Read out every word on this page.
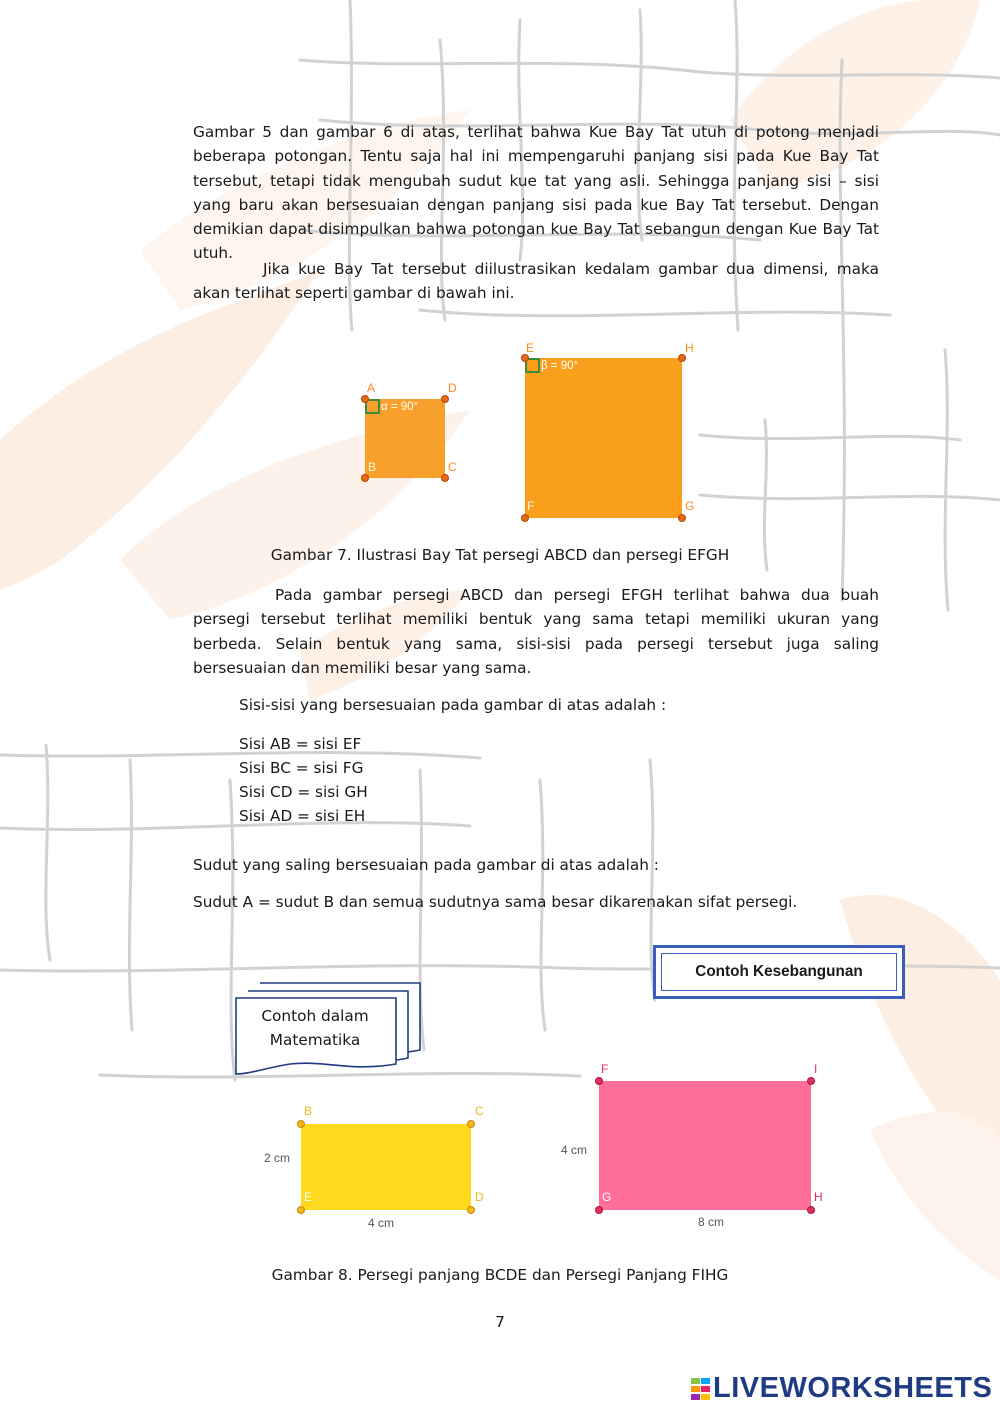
Gambar 5 dan gambar 6 di atas, terlihat bahwa Kue Bay Tat utuh di potong menjadi beberapa potongan. Tentu saja hal ini mempengaruhi panjang sisi pada Kue Bay Tat tersebut, tetapi tidak mengubah sudut kue tat yang asli. Sehingga panjang sisi – sisi yang baru akan bersesuaian dengan panjang sisi pada kue Bay Tat tersebut. Dengan demikian dapat disimpulkan bahwa potongan kue Bay Tat sebangun dengan Kue Bay Tat utuh.

Jika kue Bay Tat tersebut diilustrasikan kedalam gambar dua dimensi, maka akan terlihat seperti gambar di bawah ini.

A	D
B	C
α = 90°
E	H
F	G
β = 90°

Gambar 7. Ilustrasi Bay Tat persegi ABCD dan persegi EFGH

Pada gambar persegi ABCD dan persegi EFGH terlihat bahwa dua buah persegi tersebut terlihat memiliki bentuk yang sama tetapi memiliki ukuran yang berbeda. Selain bentuk yang sama, sisi-sisi pada persegi tersebut juga saling bersesuaian dan memiliki besar yang sama.

Sisi-sisi yang bersesuaian pada gambar di atas adalah :

Sisi AB = sisi EF

Sisi BC = sisi FG

Sisi CD = sisi GH

Sisi AD = sisi EH

Sudut yang saling bersesuaian pada gambar di atas adalah :

Sudut A = sudut B dan semua sudutnya sama besar dikarenakan sifat persegi.

Contoh Kesebangunan

Contoh dalam
Matematika

B	C
E	D
2 cm
4 cm
F	I
G	H
4 cm
8 cm

Gambar 8. Persegi panjang BCDE dan Persegi Panjang FIHG

7

LIVEWORKSHEETS
